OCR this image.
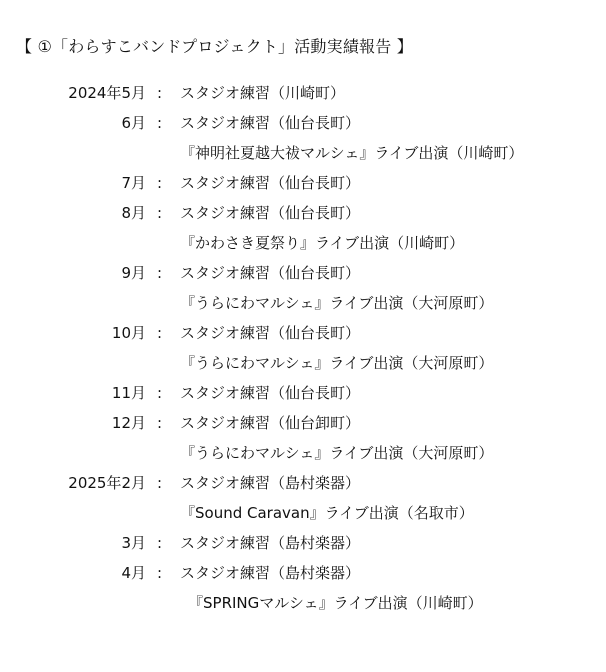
【 ①「わらすこバンドプロジェクト」活動実績報告 】
2024年5月 : スタジオ練習（川崎町）
6月 : スタジオ練習（仙台長町）
『神明社夏越大祓マルシェ』ライブ出演（川崎町）
7月 : スタジオ練習（仙台長町）
8月 : スタジオ練習（仙台長町）
『かわさき夏祭り』ライブ出演（川崎町）
9月 : スタジオ練習（仙台長町）
『うらにわマルシェ』ライブ出演（大河原町）
10月 : スタジオ練習（仙台長町）
『うらにわマルシェ』ライブ出演（大河原町）
11月 : スタジオ練習（仙台長町）
12月 : スタジオ練習（仙台卸町）
『うらにわマルシェ』ライブ出演（大河原町）
2025年2月 : スタジオ練習（島村楽器）
『Sound Caravan』ライブ出演（名取市）
3月 : スタジオ練習（島村楽器）
4月 : スタジオ練習（島村楽器）
『SPRINGマルシェ』ライブ出演（川崎町）
